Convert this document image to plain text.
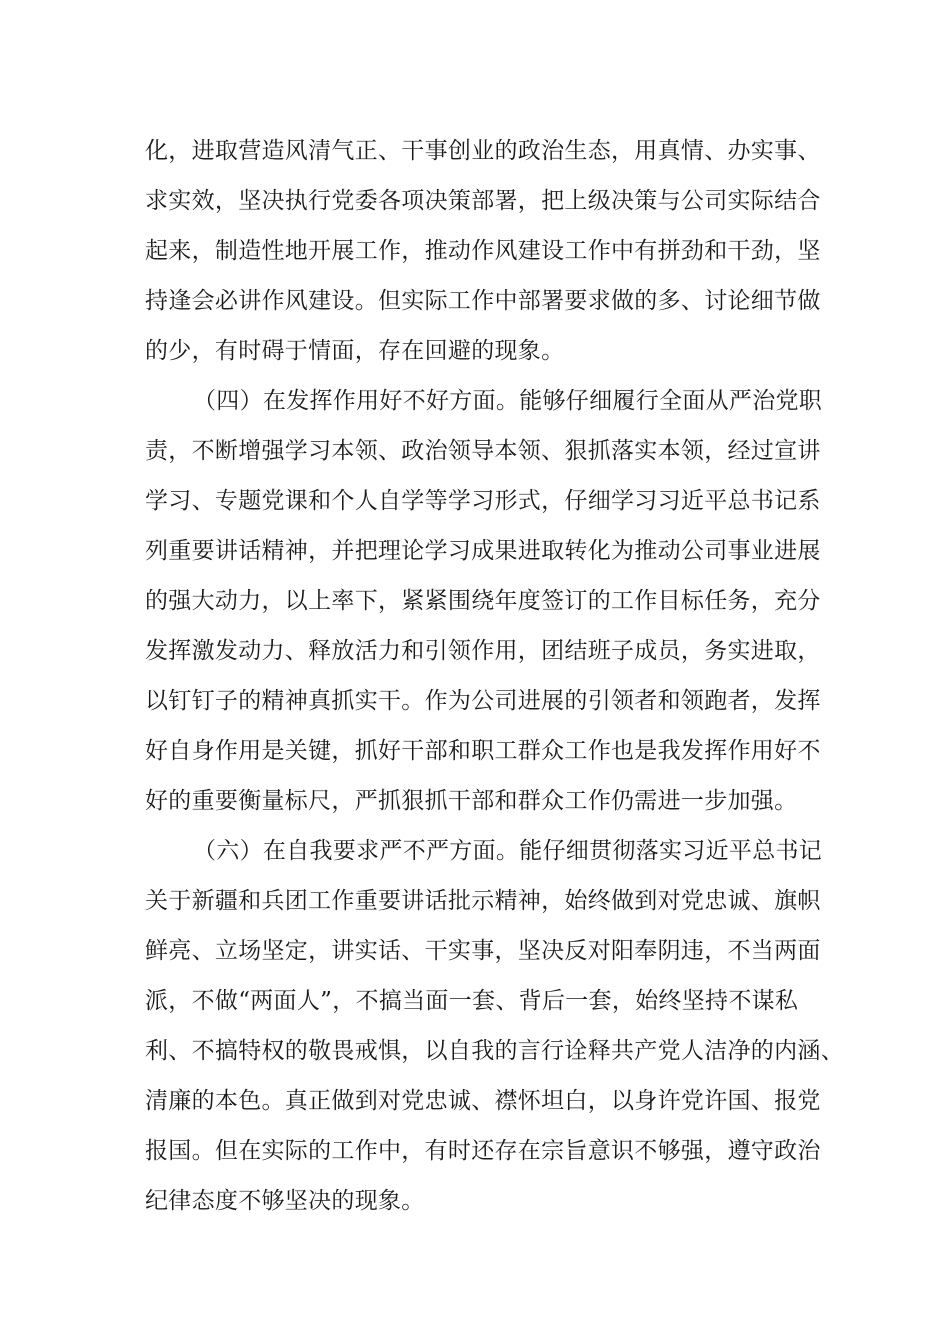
化，进取营造风清气正、干事创业的政治生态，用真情、办实事、
求实效，坚决执行党委各项决策部署，把上级决策与公司实际结合
起来，制造性地开展工作，推动作风建设工作中有拼劲和干劲，坚
持逢会必讲作风建设。但实际工作中部署要求做的多、讨论细节做
的少，有时碍于情面，存在回避的现象。
（四）在发挥作用好不好方面。能够仔细履行全面从严治党职
责，不断增强学习本领、政治领导本领、狠抓落实本领，经过宣讲
学习、专题党课和个人自学等学习形式，仔细学习习近平总书记系
列重要讲话精神，并把理论学习成果进取转化为推动公司事业进展
的强大动力，以上率下，紧紧围绕年度签订的工作目标任务，充分
发挥激发动力、释放活力和引领作用，团结班子成员，务实进取，
以钉钉子的精神真抓实干。作为公司进展的引领者和领跑者，发挥
好自身作用是关键，抓好干部和职工群众工作也是我发挥作用好不
好的重要衡量标尺，严抓狠抓干部和群众工作仍需进一步加强。
（六）在自我要求严不严方面。能仔细贯彻落实习近平总书记
关于新疆和兵团工作重要讲话批示精神，始终做到对党忠诚、旗帜
鲜亮、立场坚定，讲实话、干实事，坚决反对阳奉阴违，不当两面
派，不做“两面人”，不搞当面一套、背后一套，始终坚持不谋私
利、不搞特权的敬畏戒惧，以自我的言行诠释共产党人洁净的内涵、
清廉的本色。真正做到对党忠诚、襟怀坦白，以身许党许国、报党
报国。但在实际的工作中，有时还存在宗旨意识不够强，遵守政治
纪律态度不够坚决的现象。
